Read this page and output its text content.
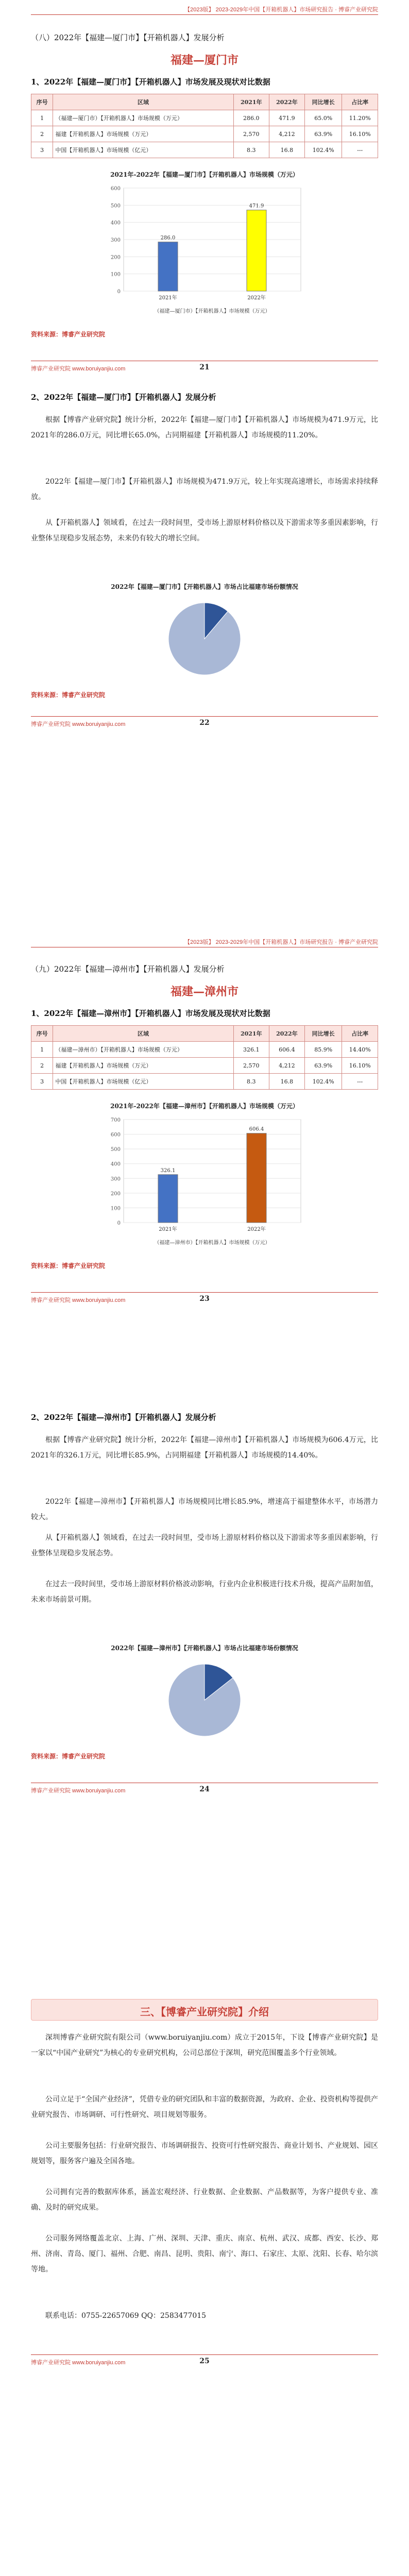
【2023版】 2023-2029年中国【开箱机器人】市场研究报告 · 博睿产业研究院
（八）2022年【福建—厦门市】【开箱机器人】发展分析
福建—厦门市
1、2022年【福建—厦门市】【开箱机器人】市场发展及现状对比数据
序号	区域	2021年	2022年	同比增长	占比率
1	（福建—厦门市）【开箱机器人】市场规模（万元）	286.0	471.9	65.0%	11.20%
2	福建【开箱机器人】市场规模（万元）	2,570	4,212	63.9%	16.10%
3	中国【开箱机器人】市场规模（亿元）	8.3	16.8	102.4%	---
2021年-2022年【福建—厦门市】【开箱机器人】市场规模（万元）
0
100
200
300
400
500
600
286.0
2021年
471.9
2022年
（福建—厦门市）【开箱机器人】市场规模（万元）
资料来源：博睿产业研究院
博睿产业研究院 www.boruiyanjiu.com	21
2、2022年【福建—厦门市】【开箱机器人】发展分析
根据【博睿产业研究院】统计分析，2022年【福建—厦门市】【开箱机器人】市场规模为471.9万元，比2021年的286.0万元，同比增长65.0%，占同期福建【开箱机器人】市场规模的11.20%。
2022年【福建—厦门市】【开箱机器人】市场规模为471.9万元，较上年实现高速增长，市场需求持续释放。
从【开箱机器人】领域看，在过去一段时间里，受市场上游原材料价格以及下游需求等多重因素影响，行业整体呈现稳步发展态势，未来仍有较大的增长空间。
2022年【福建—厦门市】【开箱机器人】市场占比福建市场份额情况
资料来源：博睿产业研究院
博睿产业研究院 www.boruiyanjiu.com	22
【2023版】 2023-2029年中国【开箱机器人】市场研究报告 · 博睿产业研究院
（九）2022年【福建—漳州市】【开箱机器人】发展分析
福建—漳州市
1、2022年【福建—漳州市】【开箱机器人】市场发展及现状对比数据
序号	区域	2021年	2022年	同比增长	占比率
1	（福建—漳州市）【开箱机器人】市场规模（万元）	326.1	606.4	85.9%	14.40%
2	福建【开箱机器人】市场规模（万元）	2,570	4,212	63.9%	16.10%
3	中国【开箱机器人】市场规模（亿元）	8.3	16.8	102.4%	---
2021年-2022年【福建—漳州市】【开箱机器人】市场规模（万元）
0
100
200
300
400
500
600
700
326.1
2021年
606.4
2022年
（福建—漳州市）【开箱机器人】市场规模（万元）
资料来源：博睿产业研究院
博睿产业研究院 www.boruiyanjiu.com	23
2、2022年【福建—漳州市】【开箱机器人】发展分析
根据【博睿产业研究院】统计分析，2022年【福建—漳州市】【开箱机器人】市场规模为606.4万元，比2021年的326.1万元，同比增长85.9%，占同期福建【开箱机器人】市场规模的14.40%。
2022年【福建—漳州市】【开箱机器人】市场规模同比增长85.9%，增速高于福建整体水平，市场潜力较大。
从【开箱机器人】领域看，在过去一段时间里，受市场上游原材料价格以及下游需求等多重因素影响，行业整体呈现稳步发展态势。
在过去一段时间里，受市场上游原材料价格波动影响，行业内企业积极进行技术升级，提高产品附加值，未来市场前景可期。
2022年【福建—漳州市】【开箱机器人】市场占比福建市场份额情况
资料来源：博睿产业研究院
博睿产业研究院 www.boruiyanjiu.com	24
三、【博睿产业研究院】介绍
深圳博睿产业研究院有限公司（www.boruiyanjiu.com）成立于2015年，下设【博睿产业研究院】是一家以“中国产业研究”为核心的专业研究机构，公司总部位于深圳，研究范围覆盖多个行业领域。
公司立足于“全国产业经济”，凭借专业的研究团队和丰富的数据资源，为政府、企业、投资机构等提供产业研究报告、市场调研、可行性研究、项目规划等服务。
公司主要服务包括：行业研究报告、市场调研报告、投资可行性研究报告、商业计划书、产业规划、园区规划等，服务客户遍及全国各地。
公司拥有完善的数据库体系，涵盖宏观经济、行业数据、企业数据、产品数据等，为客户提供专业、准确、及时的研究成果。
公司服务网络覆盖北京、上海、广州、深圳、天津、重庆、南京、杭州、武汉、成都、西安、长沙、郑州、济南、青岛、厦门、福州、合肥、南昌、昆明、贵阳、南宁、海口、石家庄、太原、沈阳、长春、哈尔滨等地。
联系电话：0755-22657069 QQ：2583477015
博睿产业研究院 www.boruiyanjiu.com	25
